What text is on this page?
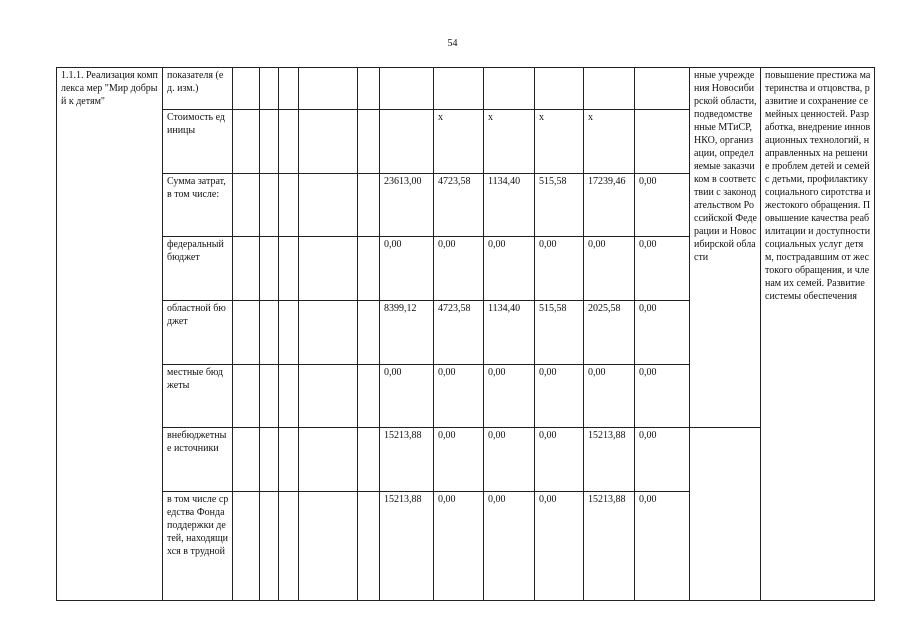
54
1.1.1. Реализация комплекса мер "Мир добрый к детям"	показателя (ед. изм.)												нные учреждения Новосибирской области, подведомственные МТиСР, НКО, организации, определяемые заказчиком в соответствии с законодательством Российской Федерации и Новосибирской области	повышение престижа материнства и отцовства, развитие и сохранение семейных ценностей. Разработка, внедрение инновационных технологий, направленных на решение проблем детей и семей с детьми, профилактику социального сиротства и жестокого обращения. Повышение качества реабилитации и доступности социальных услуг детям, пострадавшим от жестокого обращения, и членам их семей. Развитие системы обеспечения
	Стоимость единицы							x	x	x	x			
	Сумма затрат, в том числе:						23613,00	4723,58	1134,40	515,58	17239,46	0,00		
	федеральный бюджет						0,00	0,00	0,00	0,00	0,00	0,00		
	областной бюджет						8399,12	4723,58	1134,40	515,58	2025,58	0,00		
	местные бюджеты						0,00	0,00	0,00	0,00	0,00	0,00		
	внебюджетные источники						15213,88	0,00	0,00	0,00	15213,88	0,00		
	в том числе средства Фонда поддержки детей, находящихся в трудной						15213,88	0,00	0,00	0,00	15213,88	0,00		
